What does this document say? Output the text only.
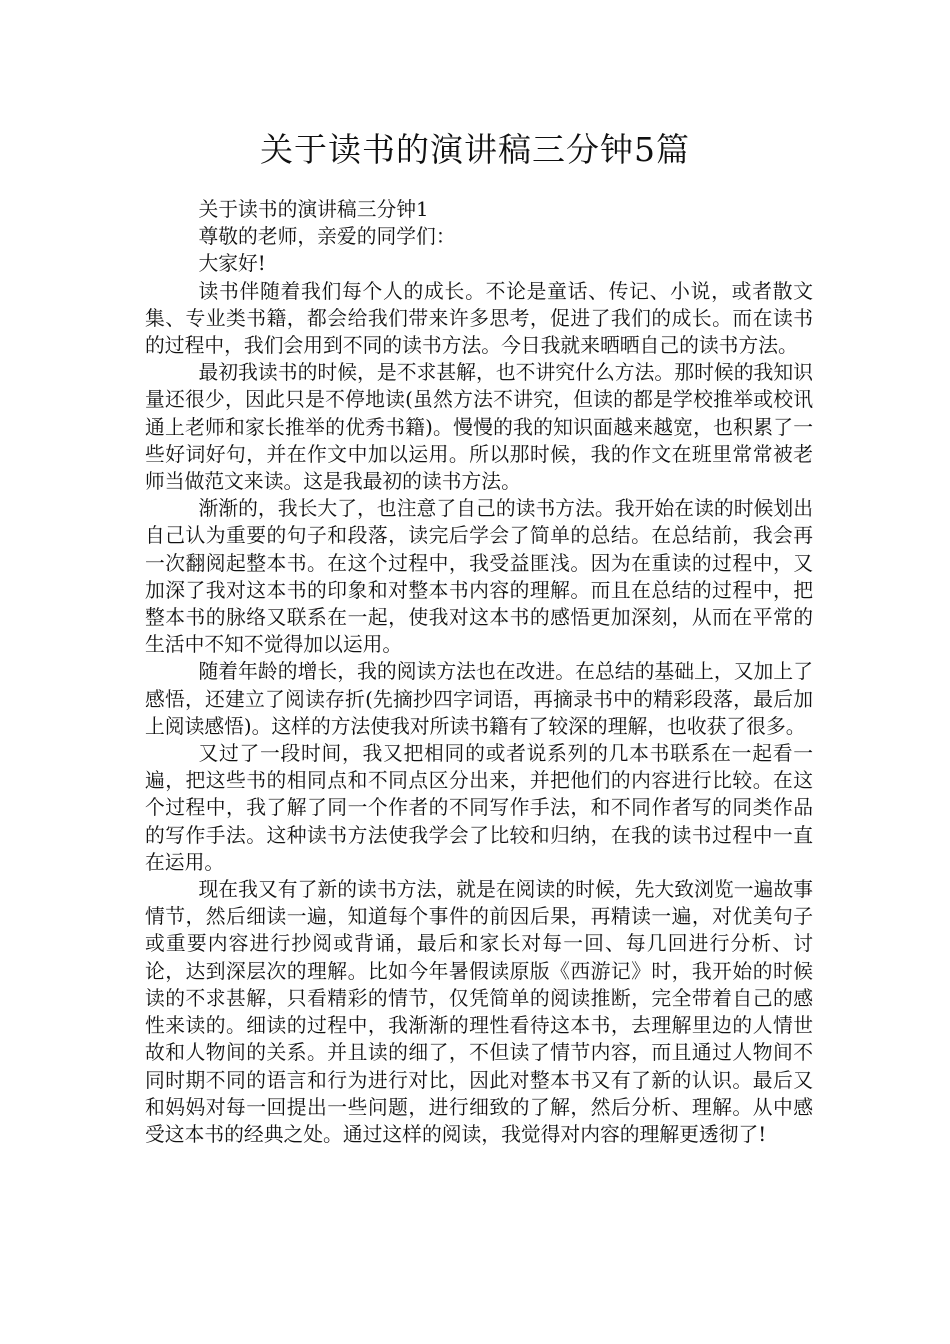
关于读书的演讲稿三分钟5篇

关于读书的演讲稿三分钟1

尊敬的老师，亲爱的同学们：

大家好!

读书伴随着我们每个人的成长。不论是童话、传记、小说，或者散文集、专业类书籍，都会给我们带来许多思考，促进了我们的成长。而在读书的过程中，我们会用到不同的读书方法。今日我就来晒晒自己的读书方法。

最初我读书的时候，是不求甚解，也不讲究什么方法。那时候的我知识量还很少，因此只是不停地读(虽然方法不讲究，但读的都是学校推举或校讯通上老师和家长推举的优秀书籍)。慢慢的我的知识面越来越宽，也积累了一些好词好句，并在作文中加以运用。所以那时候，我的作文在班里常常被老师当做范文来读。这是我最初的读书方法。

渐渐的，我长大了，也注意了自己的读书方法。我开始在读的时候划出自己认为重要的句子和段落，读完后学会了简单的总结。在总结前，我会再一次翻阅起整本书。在这个过程中，我受益匪浅。因为在重读的过程中，又加深了我对这本书的印象和对整本书内容的理解。而且在总结的过程中，把整本书的脉络又联系在一起，使我对这本书的感悟更加深刻，从而在平常的生活中不知不觉得加以运用。

随着年龄的增长，我的阅读方法也在改进。在总结的基础上，又加上了感悟，还建立了阅读存折(先摘抄四字词语，再摘录书中的精彩段落，最后加上阅读感悟)。这样的方法使我对所读书籍有了较深的理解，也收获了很多。

又过了一段时间，我又把相同的或者说系列的几本书联系在一起看一遍，把这些书的相同点和不同点区分出来，并把他们的内容进行比较。在这个过程中，我了解了同一个作者的不同写作手法，和不同作者写的同类作品的写作手法。这种读书方法使我学会了比较和归纳，在我的读书过程中一直在运用。

现在我又有了新的读书方法，就是在阅读的时候，先大致浏览一遍故事情节，然后细读一遍，知道每个事件的前因后果，再精读一遍，对优美句子或重要内容进行抄阅或背诵，最后和家长对每一回、每几回进行分析、讨论，达到深层次的理解。比如今年暑假读原版《西游记》时，我开始的时候读的不求甚解，只看精彩的情节，仅凭简单的阅读推断，完全带着自己的感性来读的。细读的过程中，我渐渐的理性看待这本书，去理解里边的人情世故和人物间的关系。并且读的细了，不但读了情节内容，而且通过人物间不同时期不同的语言和行为进行对比，因此对整本书又有了新的认识。最后又和妈妈对每一回提出一些问题，进行细致的了解，然后分析、理解。从中感受这本书的经典之处。通过这样的阅读，我觉得对内容的理解更透彻了!
